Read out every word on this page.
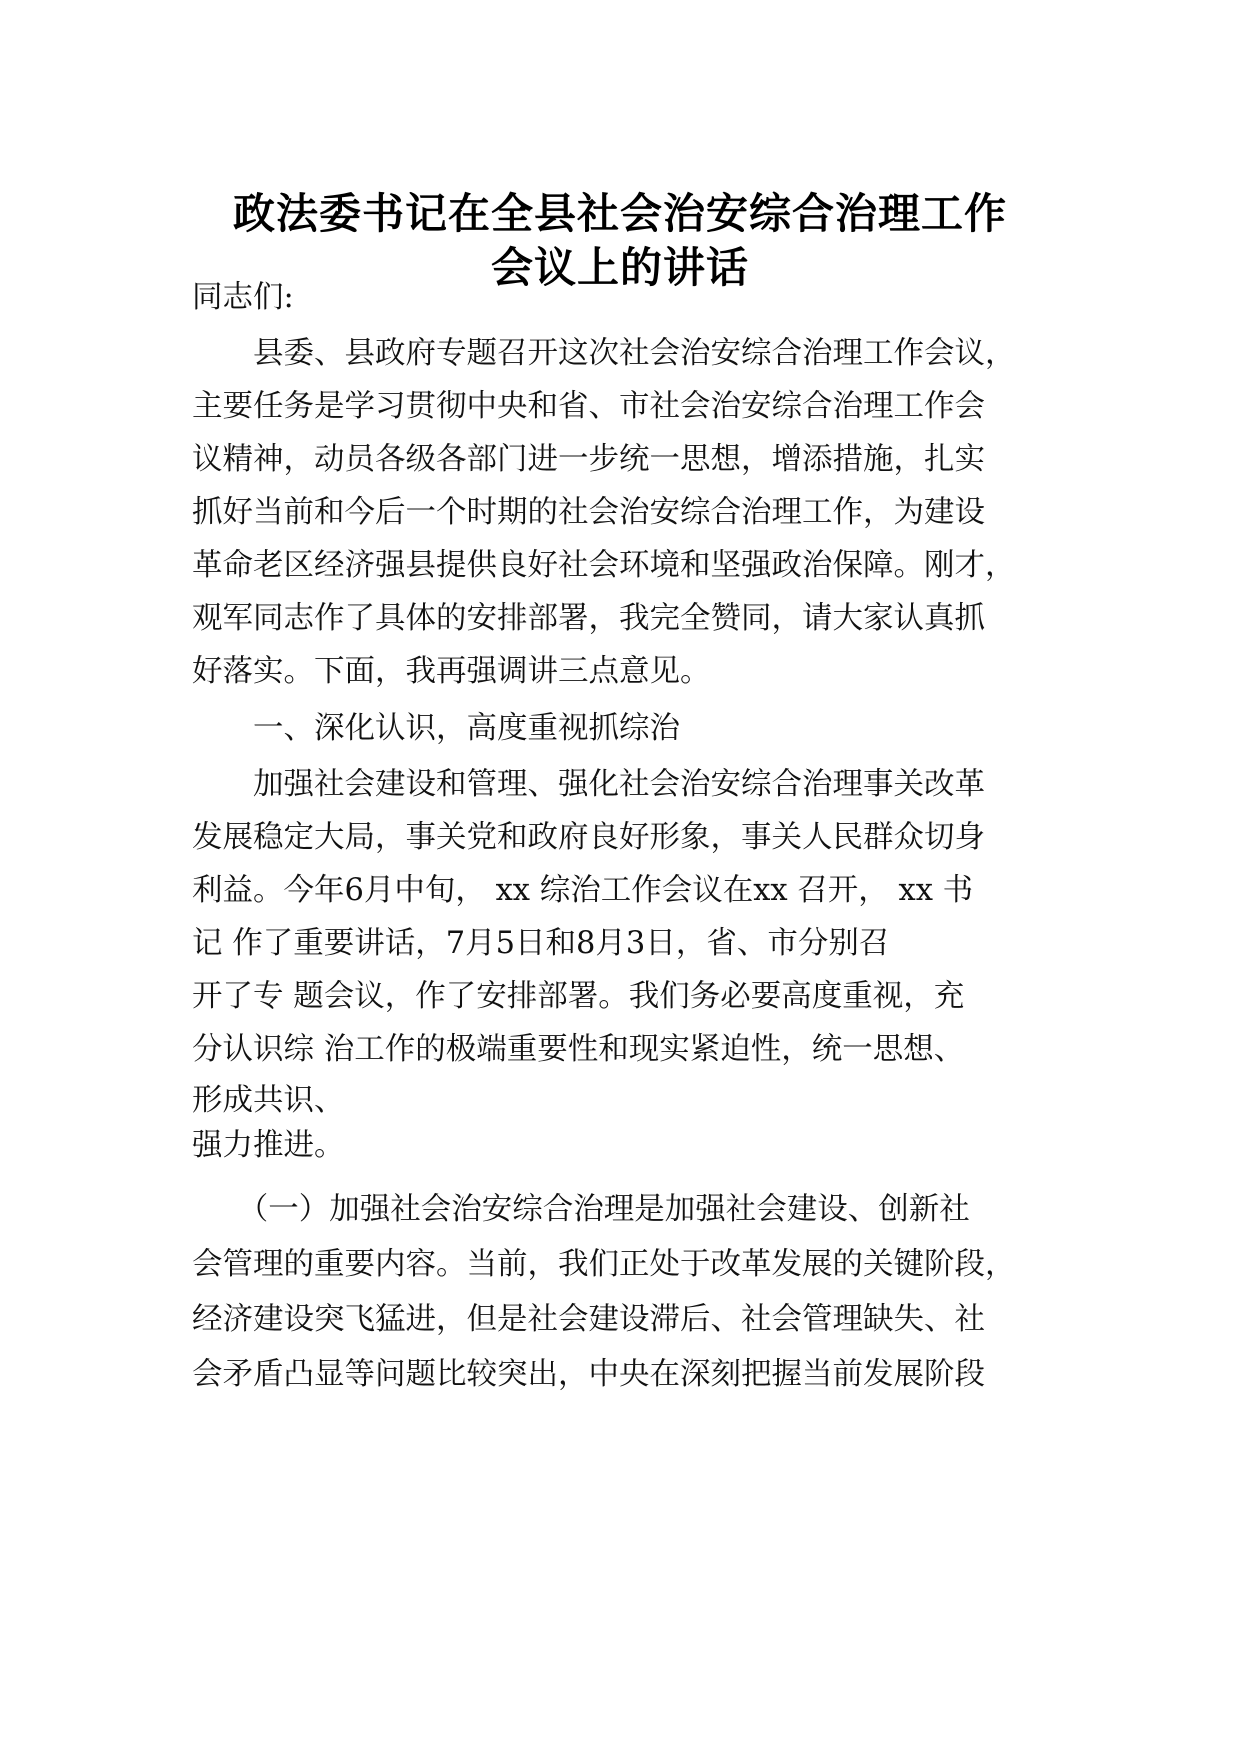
政法委书记在全县社会治安综合治理工作
会议上的讲话

同志们:

　　县委、县政府专题召开这次社会治安综合治理工作会议，

主要任务是学习贯彻中央和省、市社会治安综合治理工作会

议精神，动员各级各部门进一步统一思想，增添措施，扎实

抓好当前和今后一个时期的社会治安综合治理工作，为建设

革命老区经济强县提供良好社会环境和坚强政治保障。刚才，

观军同志作了具体的安排部署，我完全赞同，请大家认真抓

好落实。下面，我再强调讲三点意见。

　　一、深化认识，高度重视抓综治

　　加强社会建设和管理、强化社会治安综合治理事关改革

发展稳定大局，事关党和政府良好形象，事关人民群众切身

利益。今年6月中旬， xx 综治工作会议在xx 召开， xx 书

记 作了重要讲话，7月5日和8月3日，省、市分别召

开了专 题会议，作了安排部署。我们务必要高度重视，充

分认识综 治工作的极端重要性和现实紧迫性，统一思想、

形成共识、

强力推进。

　　（一）加强社会治安综合治理是加强社会建设、创新社

会管理的重要内容。当前，我们正处于改革发展的关键阶段，

经济建设突飞猛进，但是社会建设滞后、社会管理缺失、社

会矛盾凸显等问题比较突出，中央在深刻把握当前发展阶段
